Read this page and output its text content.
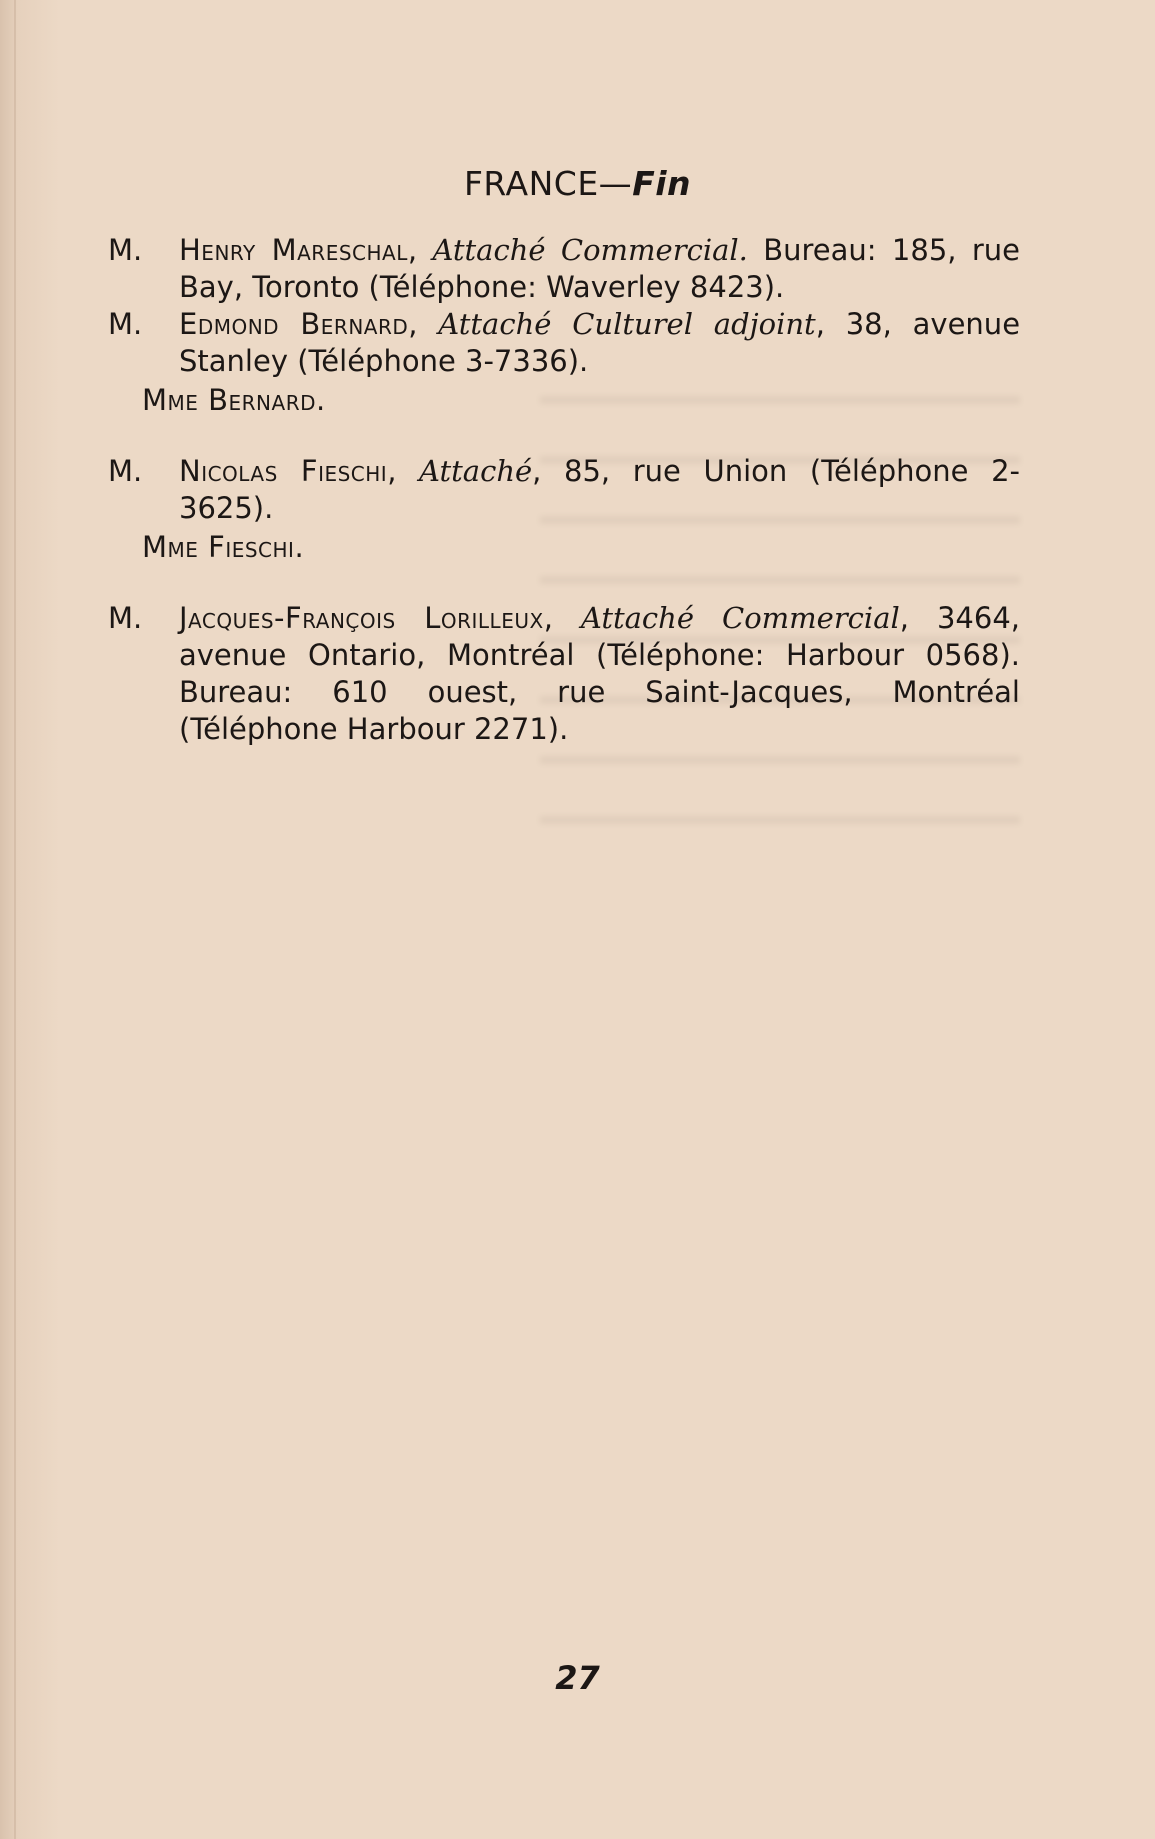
FRANCE—Fin

M. Henry Mareschal, Attaché Commercial. Bureau: 185, rue Bay, Toronto (Téléphone: Waverley 8423).

M. Edmond Bernard, Attaché Culturel adjoint, 38, avenue Stanley (Téléphone 3-7336).

Mme Bernard.

M. Nicolas Fieschi, Attaché, 85, rue Union (Téléphone 2-3625).

Mme Fieschi.

M. Jacques-François Lorilleux, Attaché Commercial, 3464, avenue Ontario, Montréal (Téléphone: Harbour 0568). Bureau: 610 ouest, rue Saint-Jacques, Montréal (Téléphone Harbour 2271).

27
